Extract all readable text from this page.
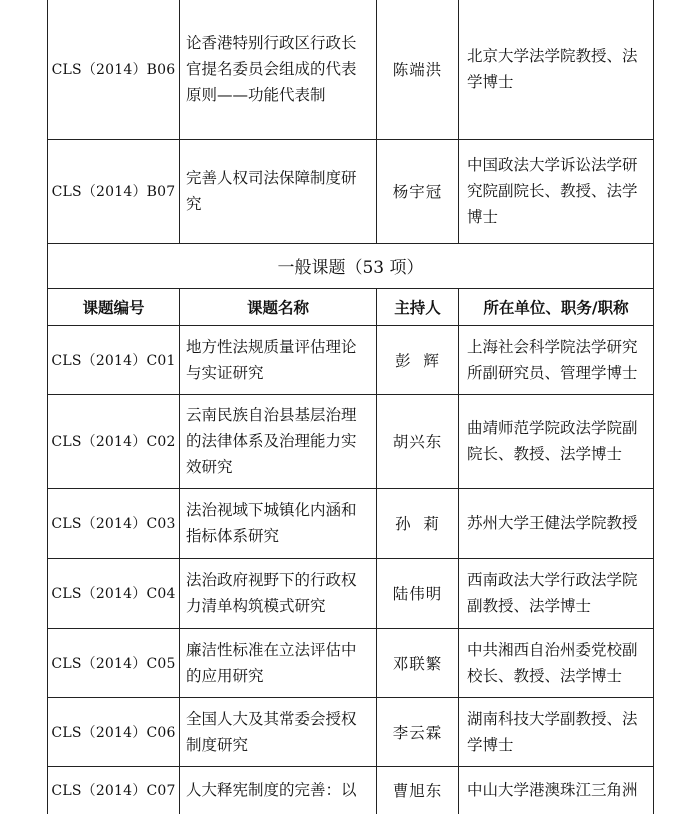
CLS（2014）B06	论香港特别行政区行政长官提名委员会组成的代表原则——功能代表制	陈端洪	北京大学法学院教授、法学博士
CLS（2014）B07	完善人权司法保障制度研究	杨宇冠	中国政法大学诉讼法学研究院副院长、教授、法学博士
一般课题（53 项）			
课题编号	课题名称	主持人	所在单位、职务/职称
CLS（2014）C01	地方性法规质量评估理论与实证研究	彭  辉	上海社会科学院法学研究所副研究员、管理学博士
CLS（2014）C02	云南民族自治县基层治理的法律体系及治理能力实效研究	胡兴东	曲靖师范学院政法学院副院长、教授、法学博士
CLS（2014）C03	法治视域下城镇化内涵和指标体系研究	孙  莉	苏州大学王健法学院教授
CLS（2014）C04	法治政府视野下的行政权力清单构筑模式研究	陆伟明	西南政法大学行政法学院副教授、法学博士
CLS（2014）C05	廉洁性标准在立法评估中的应用研究	邓联繁	中共湘西自治州委党校副校长、教授、法学博士
CLS（2014）C06	全国人大及其常委会授权制度研究	李云霖	湖南科技大学副教授、法学博士
CLS（2014）C07	人大释宪制度的完善：以	曹旭东	中山大学港澳珠江三角洲
